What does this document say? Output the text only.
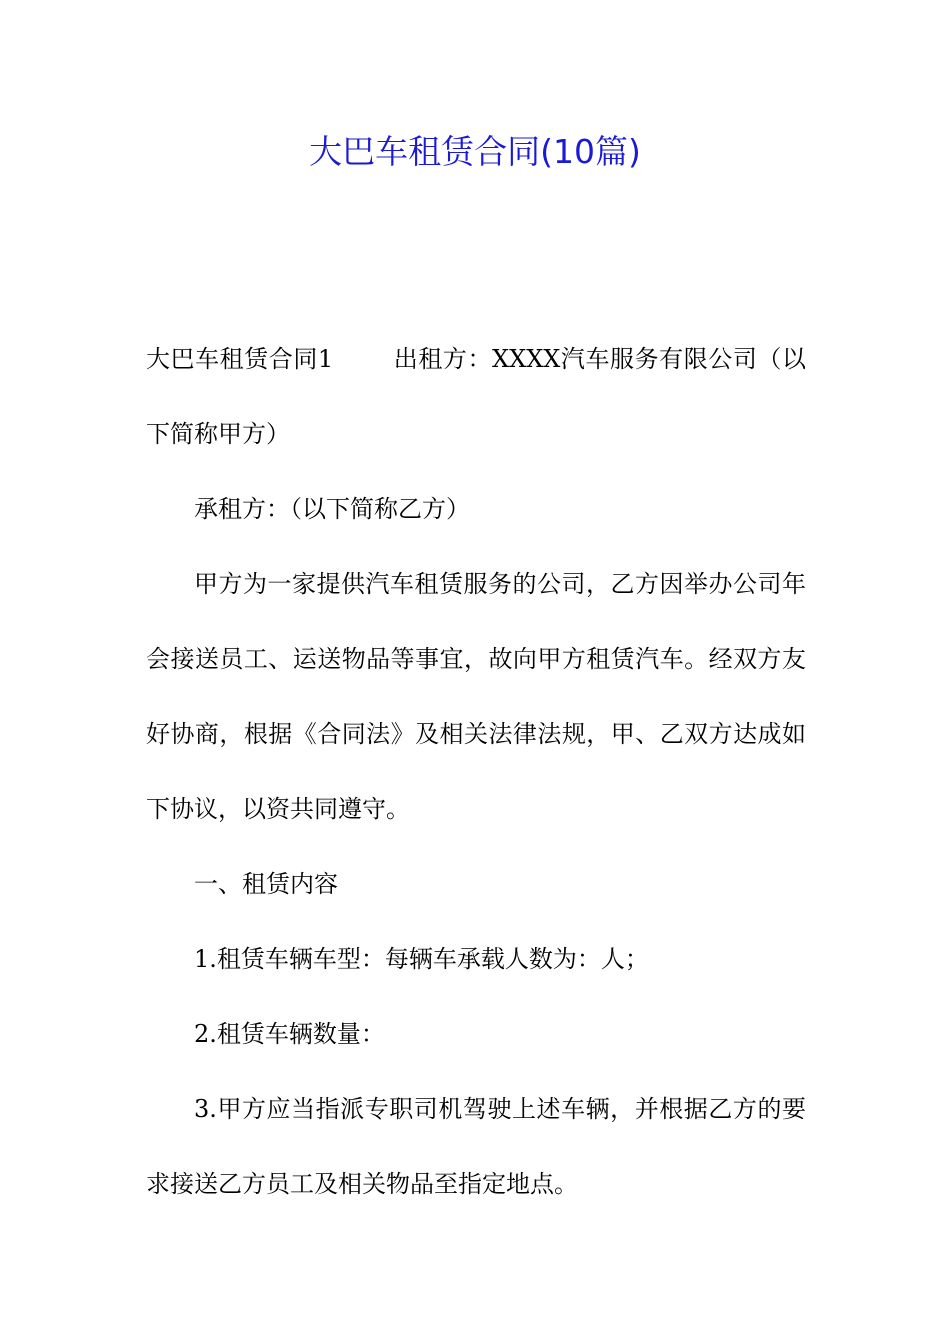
大巴车租赁合同(10篇)

大巴车租赁合同1	出租方：XXXX汽车服务有限公司（以下简称甲方）

承租方：（以下简称乙方）

甲方为一家提供汽车租赁服务的公司，乙方因举办公司年会接送员工、运送物品等事宜，故向甲方租赁汽车。经双方友好协商，根据《合同法》及相关法律法规，甲、乙双方达成如下协议，以资共同遵守。

一、租赁内容

1.租赁车辆车型：每辆车承载人数为：人；

2.租赁车辆数量：

3.甲方应当指派专职司机驾驶上述车辆，并根据乙方的要求接送乙方员工及相关物品至指定地点。
